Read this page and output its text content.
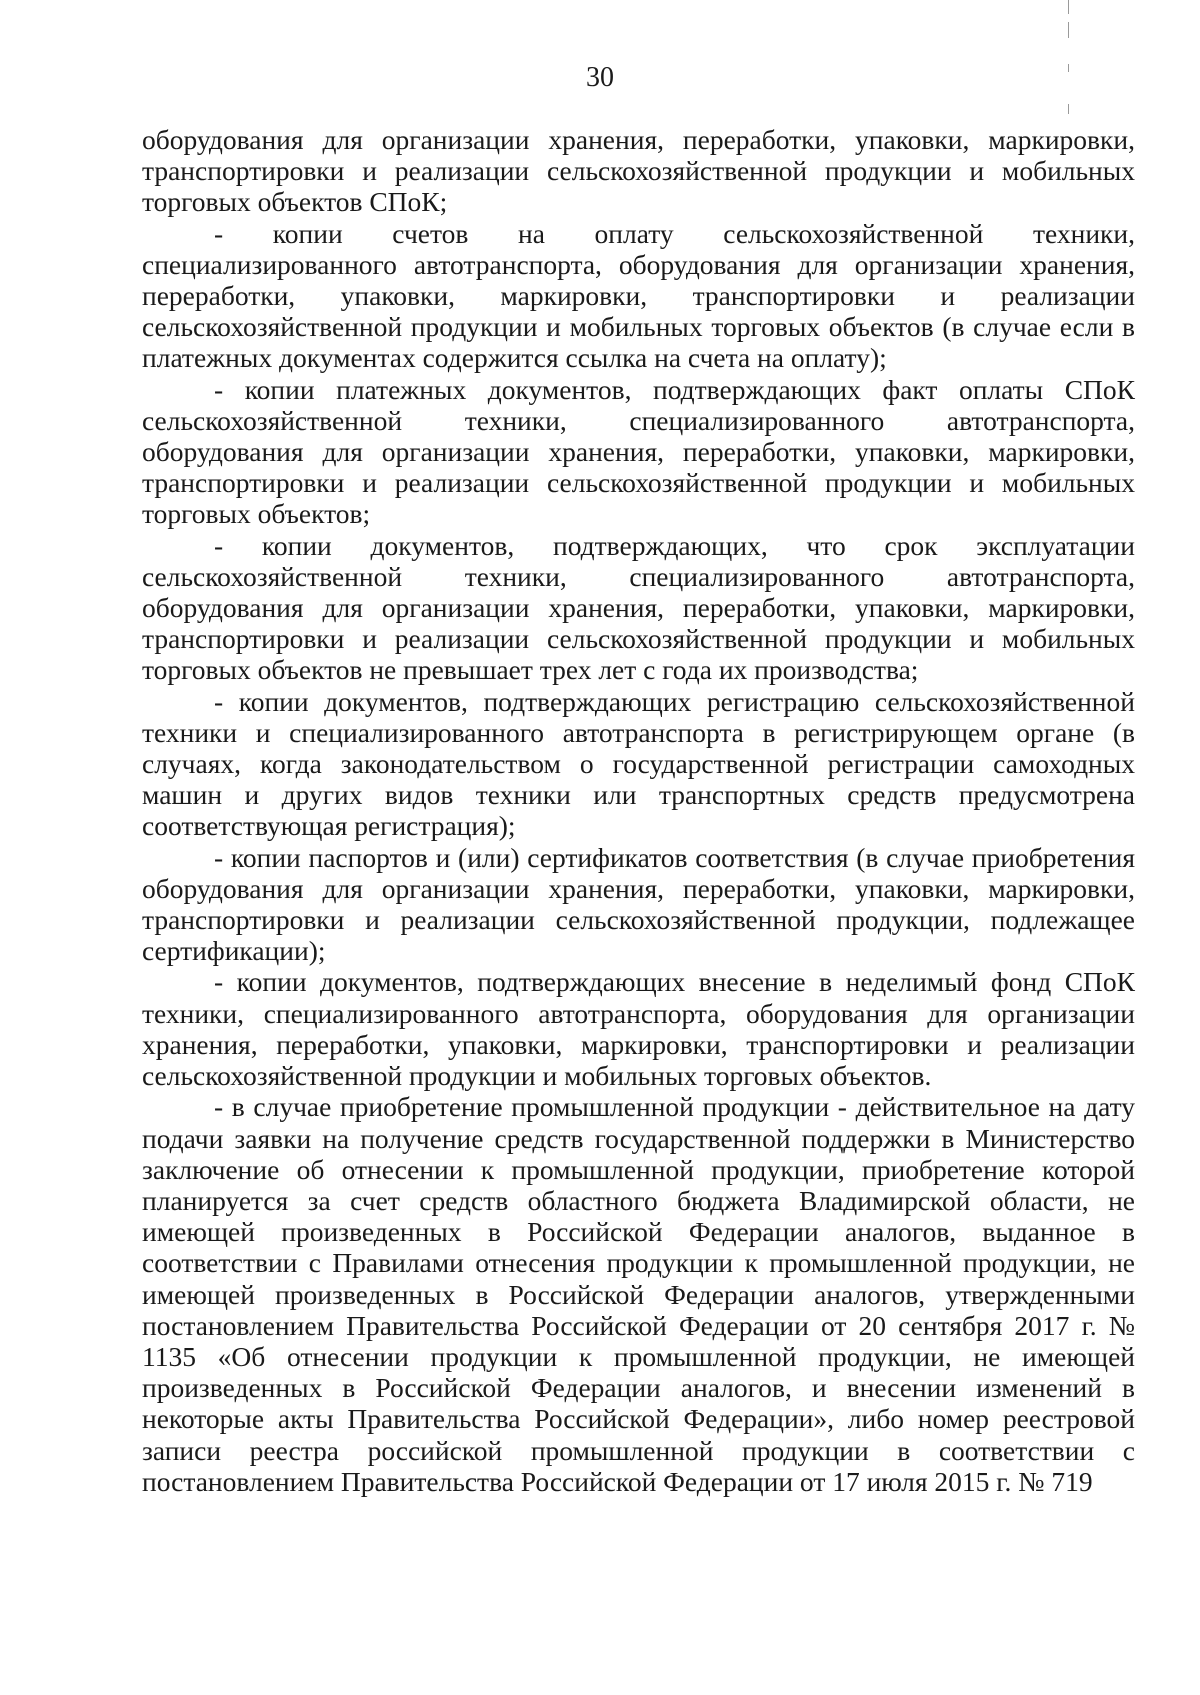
30

оборудования для организации хранения, переработки, упаковки, маркировки, транспортировки и реализации сельскохозяйственной продукции и мобильных торговых объектов СПоК;

- копии счетов на оплату сельскохозяйственной техники, специализированного автотранспорта, оборудования для организации хранения, переработки, упаковки, маркировки, транспортировки и реализации сельскохозяйственной продукции и мобильных торговых объектов (в случае если в платежных документах содержится ссылка на счета на оплату);

- копии платежных документов, подтверждающих факт оплаты СПоК сельскохозяйственной техники, специализированного автотранспорта, оборудования для организации хранения, переработки, упаковки, маркировки, транспортировки и реализации сельскохозяйственной продукции и мобильных торговых объектов;

- копии документов, подтверждающих, что срок эксплуатации сельскохозяйственной техники, специализированного автотранспорта, оборудования для организации хранения, переработки, упаковки, маркировки, транспортировки и реализации сельскохозяйственной продукции и мобильных торговых объектов не превышает трех лет с года их производства;

- копии документов, подтверждающих регистрацию сельскохозяйственной техники и специализированного автотранспорта в регистрирующем органе (в случаях, когда законодательством о государственной регистрации самоходных машин и других видов техники или транспортных средств предусмотрена соответствующая регистрация);

- копии паспортов и (или) сертификатов соответствия (в случае приобретения оборудования для организации хранения, переработки, упаковки, маркировки, транспортировки и реализации сельскохозяйственной продукции, подлежащее сертификации);

- копии документов, подтверждающих внесение в неделимый фонд СПоК техники, специализированного автотранспорта, оборудования для организации хранения, переработки, упаковки, маркировки, транспортировки и реализации сельскохозяйственной продукции и мобильных торговых объектов.

- в случае приобретение промышленной продукции - действительное на дату подачи заявки на получение средств государственной поддержки в Министерство заключение об отнесении к промышленной продукции, приобретение которой планируется за счет средств областного бюджета Владимирской области, не имеющей произведенных в Российской Федерации аналогов, выданное в соответствии с Правилами отнесения продукции к промышленной продукции, не имеющей произведенных в Российской Федерации аналогов, утвержденными постановлением Правительства Российской Федерации от 20 сентября 2017 г. № 1135 «Об отнесении продукции к промышленной продукции, не имеющей произведенных в Российской Федерации аналогов, и внесении изменений в некоторые акты Правительства Российской Федерации», либо номер реестровой записи реестра российской промышленной продукции в соответствии с постановлением Правительства Российской Федерации от 17 июля 2015 г. № 719
